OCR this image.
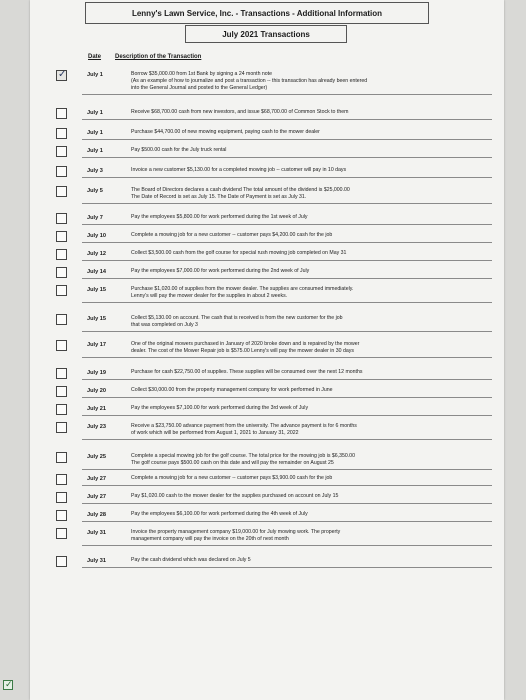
Lenny's Lawn Service, Inc. - Transactions - Additional Information
July 2021 Transactions
Date Description of the Transaction
✓	July 1	Borrow $35,000.00 from 1st Bank by signing a 24 month note
(As an example of how to journalize and post a transaction -- this transaction has already been entered
into the General Journal and posted to the General Ledger)
July 1	Receive $68,700.00 cash from new investors, and issue $68,700.00 of Common Stock to them
July 1	Purchase $44,700.00 of new mowing equipment, paying cash to the mower dealer
July 1	Pay $500.00 cash for the July truck rental
July 3	Invoice a new customer $5,130.00 for a completed mowing job -- customer will pay in 10 days
July 5	The Board of Directors declares a cash dividend The total amount of the dividend is $25,000.00
The Date of Record is set as July 15. The Date of Payment is set as July 31.
July 7	Pay the employees $5,800.00 for work performed during the 1st week of July
July 10	Complete a mowing job for a new customer -- customer pays $4,200.00 cash for the job
July 12	Collect $3,500.00 cash from the golf course for special rush mowing job completed on May 31
July 14	Pay the employees $7,000.00 for work performed during the 2nd week of July
July 15	Purchase $1,020.00 of supplies from the mower dealer. The supplies are consumed immediately.
Lenny's will pay the mower dealer for the supplies in about 2 weeks.
July 15	Collect $5,130.00 on account. The cash that is received is from the new customer for the job
that was completed on July 3
July 17	One of the original mowers purchased in January of 2020 broke down and is repaired by the mower
dealer. The cost of the Mower Repair job is $575.00 Lenny's will pay the mower dealer in 30 days
July 19	Purchase for cash $22,750.00 of supplies. These supplies will be consumed over the next 12 months
July 20	Collect $30,000.00 from the property management company for work performed in June
July 21	Pay the employees $7,100.00 for work performed during the 3rd week of July
July 23	Receive a $23,750.00 advance payment from the university. The advance payment is for 6 months
of work which will be performed from August 1, 2021 to January 31, 2022
July 25	Complete a special mowing job for the golf course. The total price for the mowing job is $6,350.00
The golf course pays $500.00 cash on this date and will pay the remainder on August 25
July 27	Complete a mowing job for a new customer -- customer pays $3,900.00 cash for the job
July 27	Pay $1,020.00 cash to the mower dealer for the supplies purchased on account on July 15
July 28	Pay the employees $6,100.00 for work performed during the 4th week of July
July 31	Invoice the property management company $19,000.00 for July mowing work. The property
management company will pay the invoice on the 20th of next month
July 31	Pay the cash dividend which was declared on July 5
✓
